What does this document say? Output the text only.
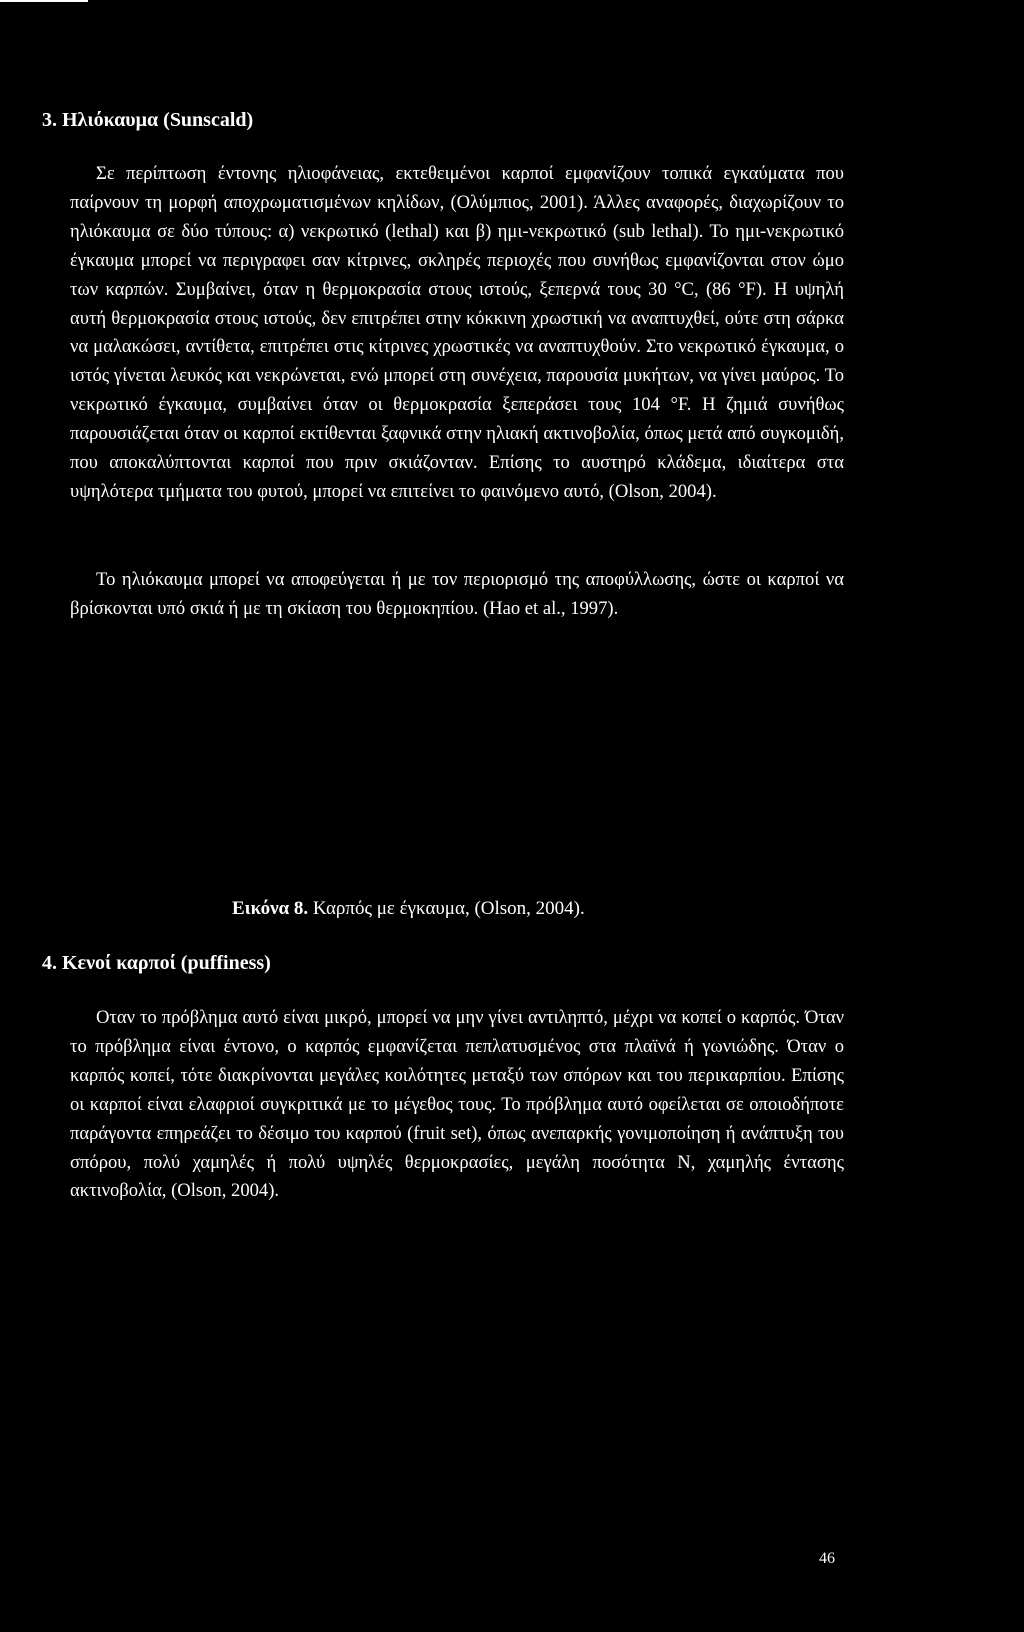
3. Ηλιόκαυμα (Sunscald)

Σε περίπτωση έντονης ηλιοφάνειας, εκτεθειμένοι καρποί εμφανίζουν τοπικά εγκαύματα που παίρνουν τη μορφή αποχρωματισμένων κηλίδων, (Ολύμπιος, 2001). Άλλες αναφορές, διαχωρίζουν το ηλιόκαυμα σε δύο τύπους: α) νεκρωτικό (lethal) και β) ημι-νεκρωτικό (sub lethal). Το ημι-νεκρωτικό έγκαυμα μπορεί να περιγραφει σαν κίτρινες, σκληρές περιοχές που συνήθως εμφανίζονται στον ώμο των καρπών. Συμβαίνει, όταν η θερμοκρασία στους ιστούς, ξεπερνά τους 30 °C, (86 °F). Η υψηλή αυτή θερμοκρασία στους ιστούς, δεν επιτρέπει στην κόκκινη χρωστική να αναπτυχθεί, ούτε στη σάρκα να μαλακώσει, αντίθετα, επιτρέπει στις κίτρινες χρωστικές να αναπτυχθούν. Στο νεκρωτικό έγκαυμα, ο ιστός γίνεται λευκός και νεκρώνεται, ενώ μπορεί στη συνέχεια, παρουσία μυκήτων, να γίνει μαύρος. Το νεκρωτικό έγκαυμα, συμβαίνει όταν οι θερμοκρασία ξεπεράσει τους 104 °F. Η ζημιά συνήθως παρουσιάζεται όταν οι καρποί εκτίθενται ξαφνικά στην ηλιακή ακτινοβολία, όπως μετά από συγκομιδή, που αποκαλύπτονται καρποί που πριν σκιάζονταν. Επίσης το αυστηρό κλάδεμα, ιδιαίτερα στα υψηλότερα τμήματα του φυτού, μπορεί να επιτείνει το φαινόμενο αυτό, (Olson, 2004).

Το ηλιόκαυμα μπορεί να αποφεύγεται ή με τον περιορισμό της αποφύλλωσης, ώστε οι καρποί να βρίσκονται υπό σκιά ή με τη σκίαση του θερμοκηπίου. (Hao et al., 1997).

Εικόνα 8. Καρπός με έγκαυμα, (Olson, 2004).

4. Κενοί καρποί (puffiness)

Οταν το πρόβλημα αυτό είναι μικρό, μπορεί να μην γίνει αντιληπτό, μέχρι να κοπεί ο καρπός. Όταν το πρόβλημα είναι έντονο, ο καρπός εμφανίζεται πεπλατυσμένος στα πλαϊνά ή γωνιώδης. Όταν ο καρπός κοπεί, τότε διακρίνονται μεγάλες κοιλότητες μεταξύ των σπόρων και του περικαρπίου. Επίσης οι καρποί είναι ελαφριοί συγκριτικά με το μέγεθος τους. Το πρόβλημα αυτό οφείλεται σε οποιοδήποτε παράγοντα επηρεάζει το δέσιμο του καρπού (fruit set), όπως ανεπαρκής γονιμοποίηση ή ανάπτυξη του σπόρου, πολύ χαμηλές ή πολύ υψηλές θερμοκρασίες, μεγάλη ποσότητα Ν, χαμηλής έντασης ακτινοβολία, (Olson, 2004).

46
